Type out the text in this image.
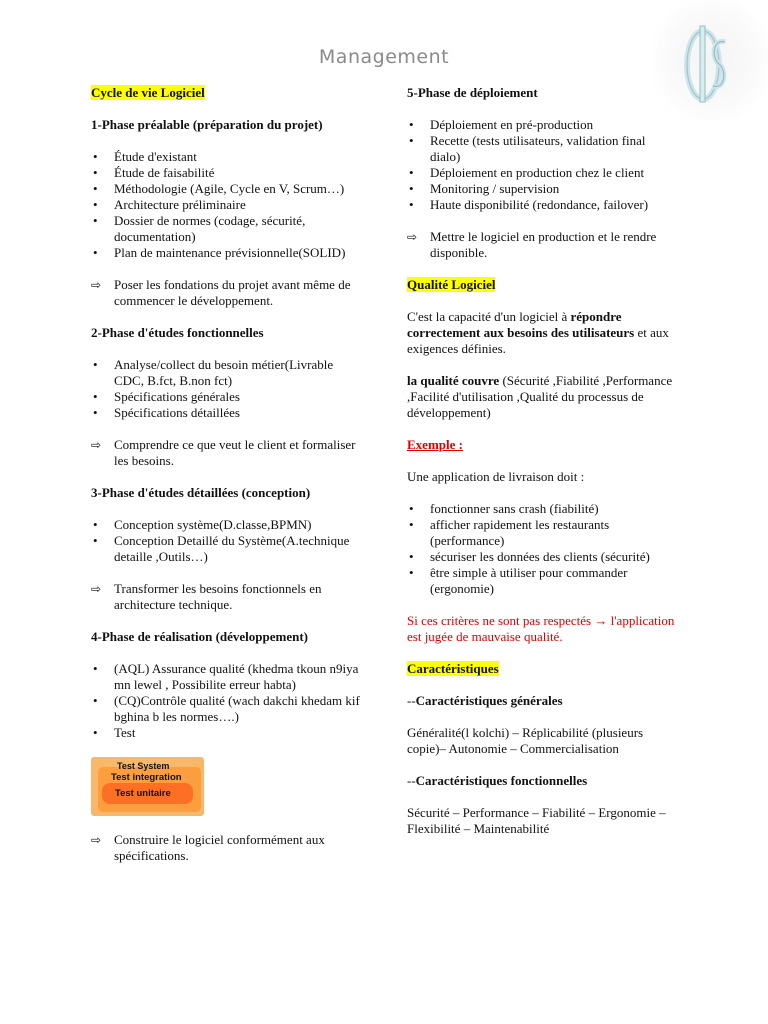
Management

Cycle de vie Logiciel

1-Phase préalable (préparation du projet)

• Étude d'existant
• Étude de faisabilité
• Méthodologie (Agile, Cycle en V, Scrum…)
• Architecture préliminaire
• Dossier de normes (codage, sécurité, documentation)
• Plan de maintenance prévisionnelle(SOLID)
⇨ Poser les fondations du projet avant même de commencer le développement.

2-Phase d'études fonctionnelles

• Analyse/collect du besoin métier(Livrable CDC, B.fct, B.non fct)
• Spécifications générales
• Spécifications détaillées
⇨ Comprendre ce que veut le client et formaliser les besoins.

3-Phase d'études détaillées (conception)

• Conception système(D.classe,BPMN)
• Conception Detaillé du Système(A.technique detaille ,Outils…)
⇨ Transformer les besoins fonctionnels en architecture technique.

4-Phase de réalisation (développement)

• (AQL) Assurance qualité (khedma tkoun n9iya mn lewel , Possibilite erreur habta)
• (CQ)Contrôle qualité (wach dakchi khedam kif bghina b les normes….)
• Test
Test System
Test integration
Test unitaire
⇨ Construire le logiciel conformément aux spécifications.

5-Phase de déploiement

• Déploiement en pré-production
• Recette (tests utilisateurs, validation final dialo)
• Déploiement en production chez le client
• Monitoring / supervision
• Haute disponibilité (redondance, failover)
⇨ Mettre le logiciel en production et le rendre disponible.

Qualité Logiciel

C'est la capacité d'un logiciel à répondre correctement aux besoins des utilisateurs et aux exigences définies.

la qualité couvre (Sécurité ,Fiabilité ,Performance ,Facilité d'utilisation ,Qualité du processus de développement)

Exemple :

Une application de livraison doit :

• fonctionner sans crash (fiabilité)
• afficher rapidement les restaurants (performance)
• sécuriser les données des clients (sécurité)
• être simple à utiliser pour commander (ergonomie)

Si ces critères ne sont pas respectés → l'application est jugée de mauvaise qualité.

Caractéristiques

--Caractéristiques générales

Généralité(l kolchi) – Réplicabilité (plusieurs copie)– Autonomie – Commercialisation

--Caractéristiques fonctionnelles

Sécurité – Performance – Fiabilité – Ergonomie – Flexibilité – Maintenabilité
